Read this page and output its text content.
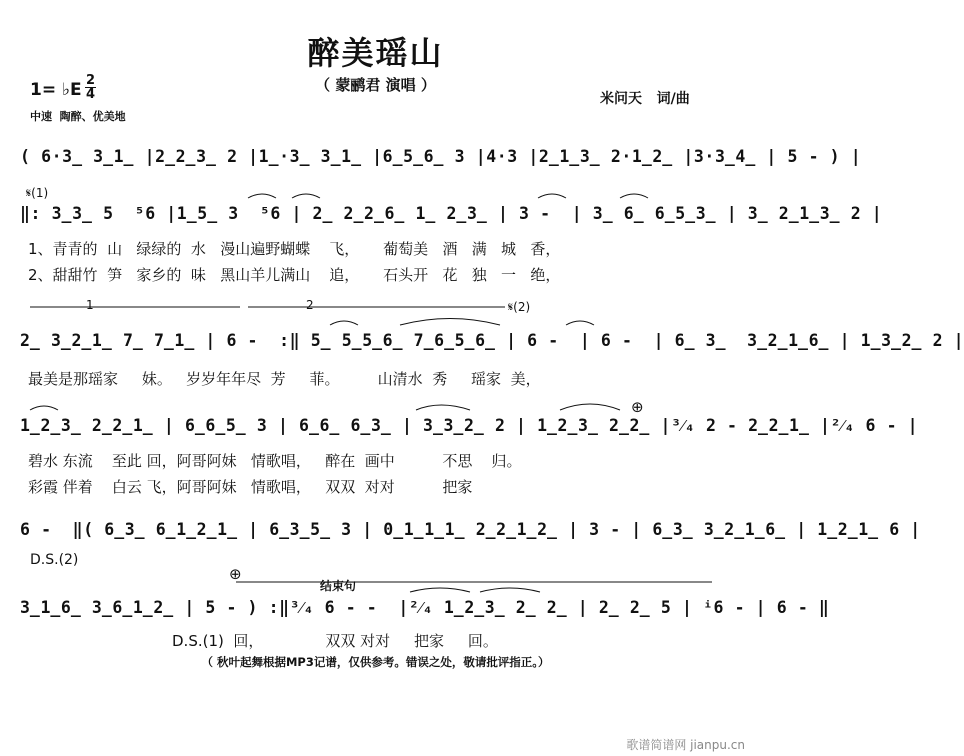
醉美瑶山
（ 蒙鹂君 演唱 ）
米问天   词/曲
1= ♭E 2
4
中速  陶醉、优美地
( 6·3̲ 3̲1̲ |2̲2̲3̲ 2 |1̲·3̲ 3̲1̲ |6̲5̲6̲ 3 |4·3 |2̲1̲3̲ 2·1̲2̲ |3·3̲4̲ | 5 - ) |
𝄋(1)
‖: 3̲3̲ 5  ⁵6 |1̲5̲ 3  ⁵6 | 2̲ 2̲2̲6̲ 1̲ 2̲3̲ | 3 -  | 3̲ 6̲ 6̲5̲3̲ | 3̲ 2̲1̲3̲ 2 |
1、青青的  山   绿绿的  水   漫山遍野蝴蝶    飞，     葡萄美   酒   满   城   香，
2、甜甜竹  笋   家乡的  味   黑山羊儿满山    追，     石头开   花   独   一   绝，
1	2	𝄋(2)
2̲ 3̲2̲1̲ 7̲ 7̲1̲ | 6 -  :‖ 5̲ 5̲5̲6̲ 7̲6̲5̲6̲ | 6 -  | 6 -  | 6̲ 3̲  3̲2̲1̲6̲ | 1̲3̲2̲ 2 |
最美是那瑶家     妹。   岁岁年年尽  芳     菲。        山清水  秀     瑶家  美，
⊕
1̲2̲3̲ 2̲2̲1̲ | 6̲6̲5̲ 3 | 6̲6̲ 6̲3̲ | 3̲3̲2̲ 2 | 1̲2̲3̲ 2̲2̲ |³⁄₄ 2 - 2̲2̲1̲ |²⁄₄ 6 - |
碧水 东流    至此 回，阿哥阿妹   情歌唱，   醉在  画中          不思    归。
彩霞 伴着    白云 飞，阿哥阿妹   情歌唱，   双双  对对          把家
6 -  ‖( 6̲3̲ 6̲1̲2̲1̲ | 6̲3̲5̲ 3 | 0̲1̲1̲1̲ 2̲2̲1̲2̲ | 3 - | 6̲3̲ 3̲2̲1̲6̲ | 1̲2̲1̲ 6 |
D.S.(2)
⊕
结束句
3̲1̲6̲ 3̲6̲1̲2̲ | 5 - ) :‖³⁄₄ 6 - -  |²⁄₄ 1̲2̲3̲ 2̲ 2̲ | 2̲ 2̲ 5 | ⁱ6 - | 6 - ‖
D.S.(1)  回，             双双 对对     把家     回。
（ 秋叶起舞根据MP3记谱，仅供参考。错误之处，敬请批评指正。）
歌谱简谱网 jianpu.cn
